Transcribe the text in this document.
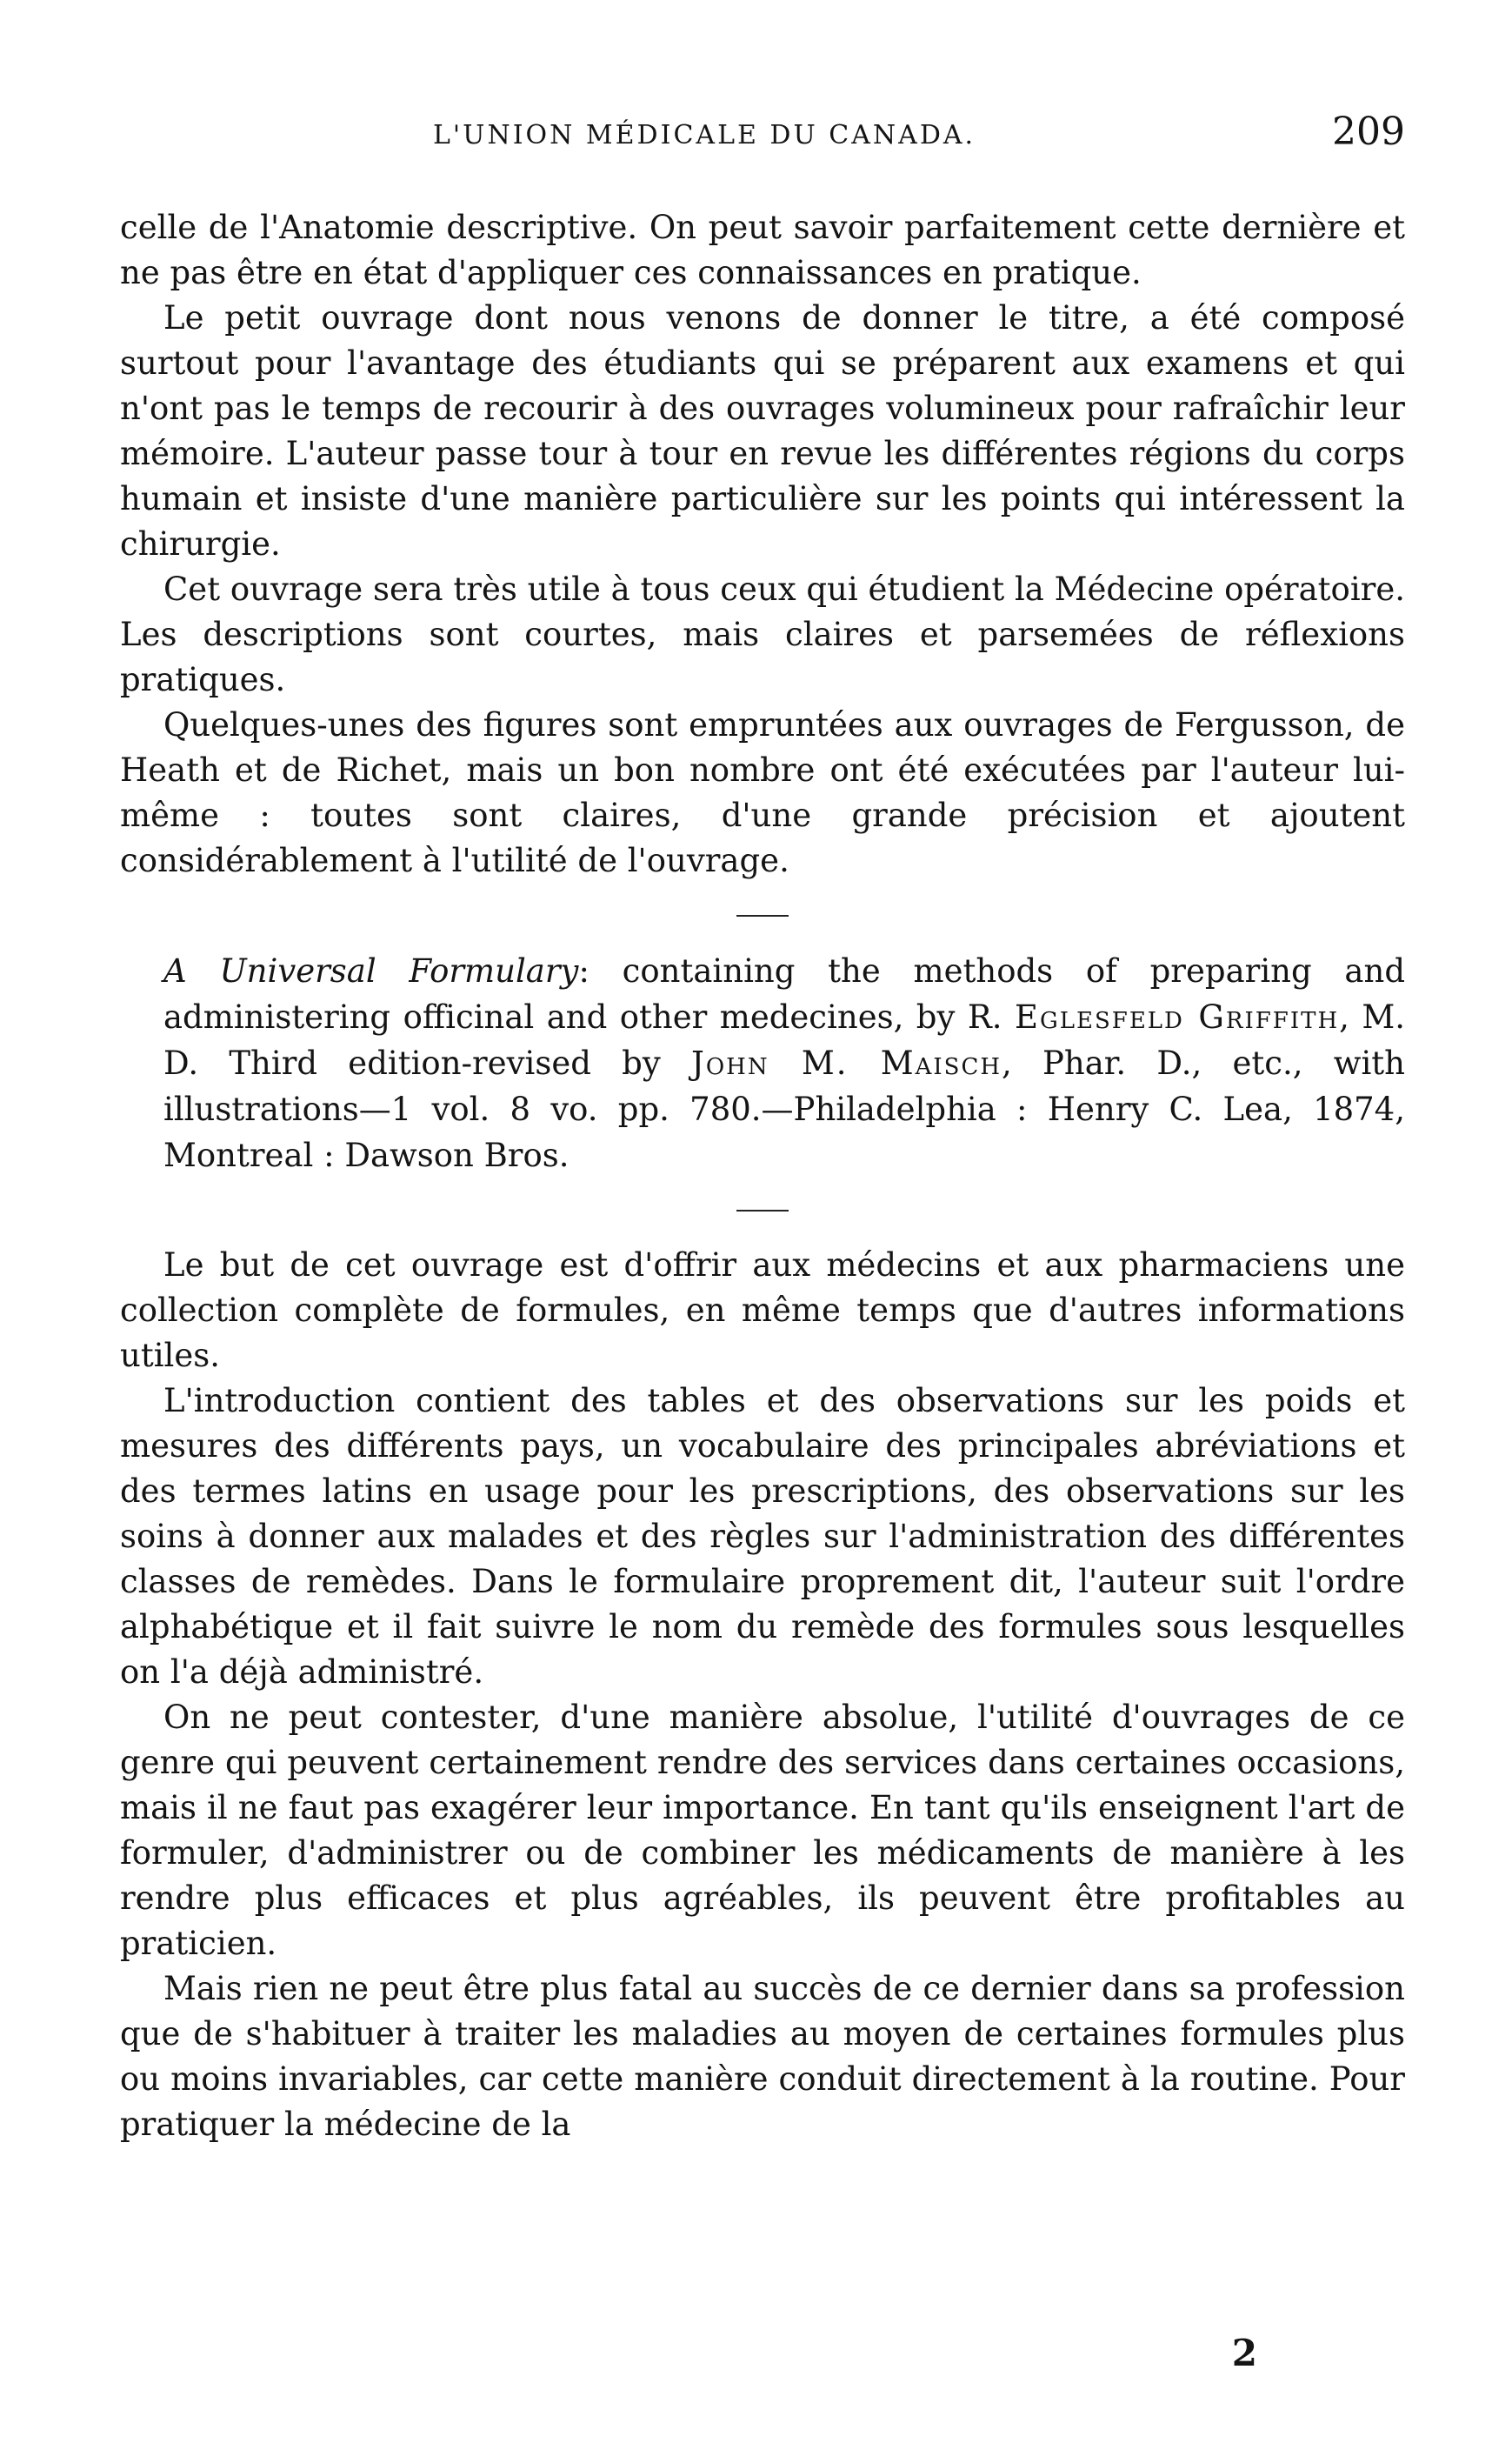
L'UNION MÉDICALE DU CANADA.	209

celle de l'Anatomie descriptive. On peut savoir parfaitement cette dernière et ne pas être en état d'appliquer ces connaissances en pratique.

Le petit ouvrage dont nous venons de donner le titre, a été composé surtout pour l'avantage des étudiants qui se préparent aux examens et qui n'ont pas le temps de recourir à des ouvrages volumineux pour rafraîchir leur mémoire. L'auteur passe tour à tour en revue les différentes régions du corps humain et insiste d'une manière particulière sur les points qui intéressent la chirurgie.

Cet ouvrage sera très utile à tous ceux qui étudient la Médecine opératoire. Les descriptions sont courtes, mais claires et parsemées de réflexions pratiques.

Quelques-unes des figures sont empruntées aux ouvrages de Fergusson, de Heath et de Richet, mais un bon nombre ont été exécutées par l'auteur lui-même : toutes sont claires, d'une grande précision et ajoutent considérablement à l'utilité de l'ouvrage.

A Universal Formulary: containing the methods of preparing and administering officinal and other medecines, by R. Eglesfeld Griffith, M. D. Third edition-revised by John M. Maisch, Phar. D., etc., with illustrations—1 vol. 8 vo. pp. 780.—Philadelphia : Henry C. Lea, 1874, Montreal : Dawson Bros.

Le but de cet ouvrage est d'offrir aux médecins et aux pharmaciens une collection complète de formules, en même temps que d'autres informations utiles.

L'introduction contient des tables et des observations sur les poids et mesures des différents pays, un vocabulaire des principales abréviations et des termes latins en usage pour les prescriptions, des observations sur les soins à donner aux malades et des règles sur l'administration des différentes classes de remèdes. Dans le formulaire proprement dit, l'auteur suit l'ordre alphabétique et il fait suivre le nom du remède des formules sous lesquelles on l'a déjà administré.

On ne peut contester, d'une manière absolue, l'utilité d'ouvrages de ce genre qui peuvent certainement rendre des services dans certaines occasions, mais il ne faut pas exagérer leur importance. En tant qu'ils enseignent l'art de formuler, d'administrer ou de combiner les médicaments de manière à les rendre plus efficaces et plus agréables, ils peuvent être profitables au praticien.

Mais rien ne peut être plus fatal au succès de ce dernier dans sa profession que de s'habituer à traiter les maladies au moyen de certaines formules plus ou moins invariables, car cette manière conduit directement à la routine. Pour pratiquer la médecine de la

2
